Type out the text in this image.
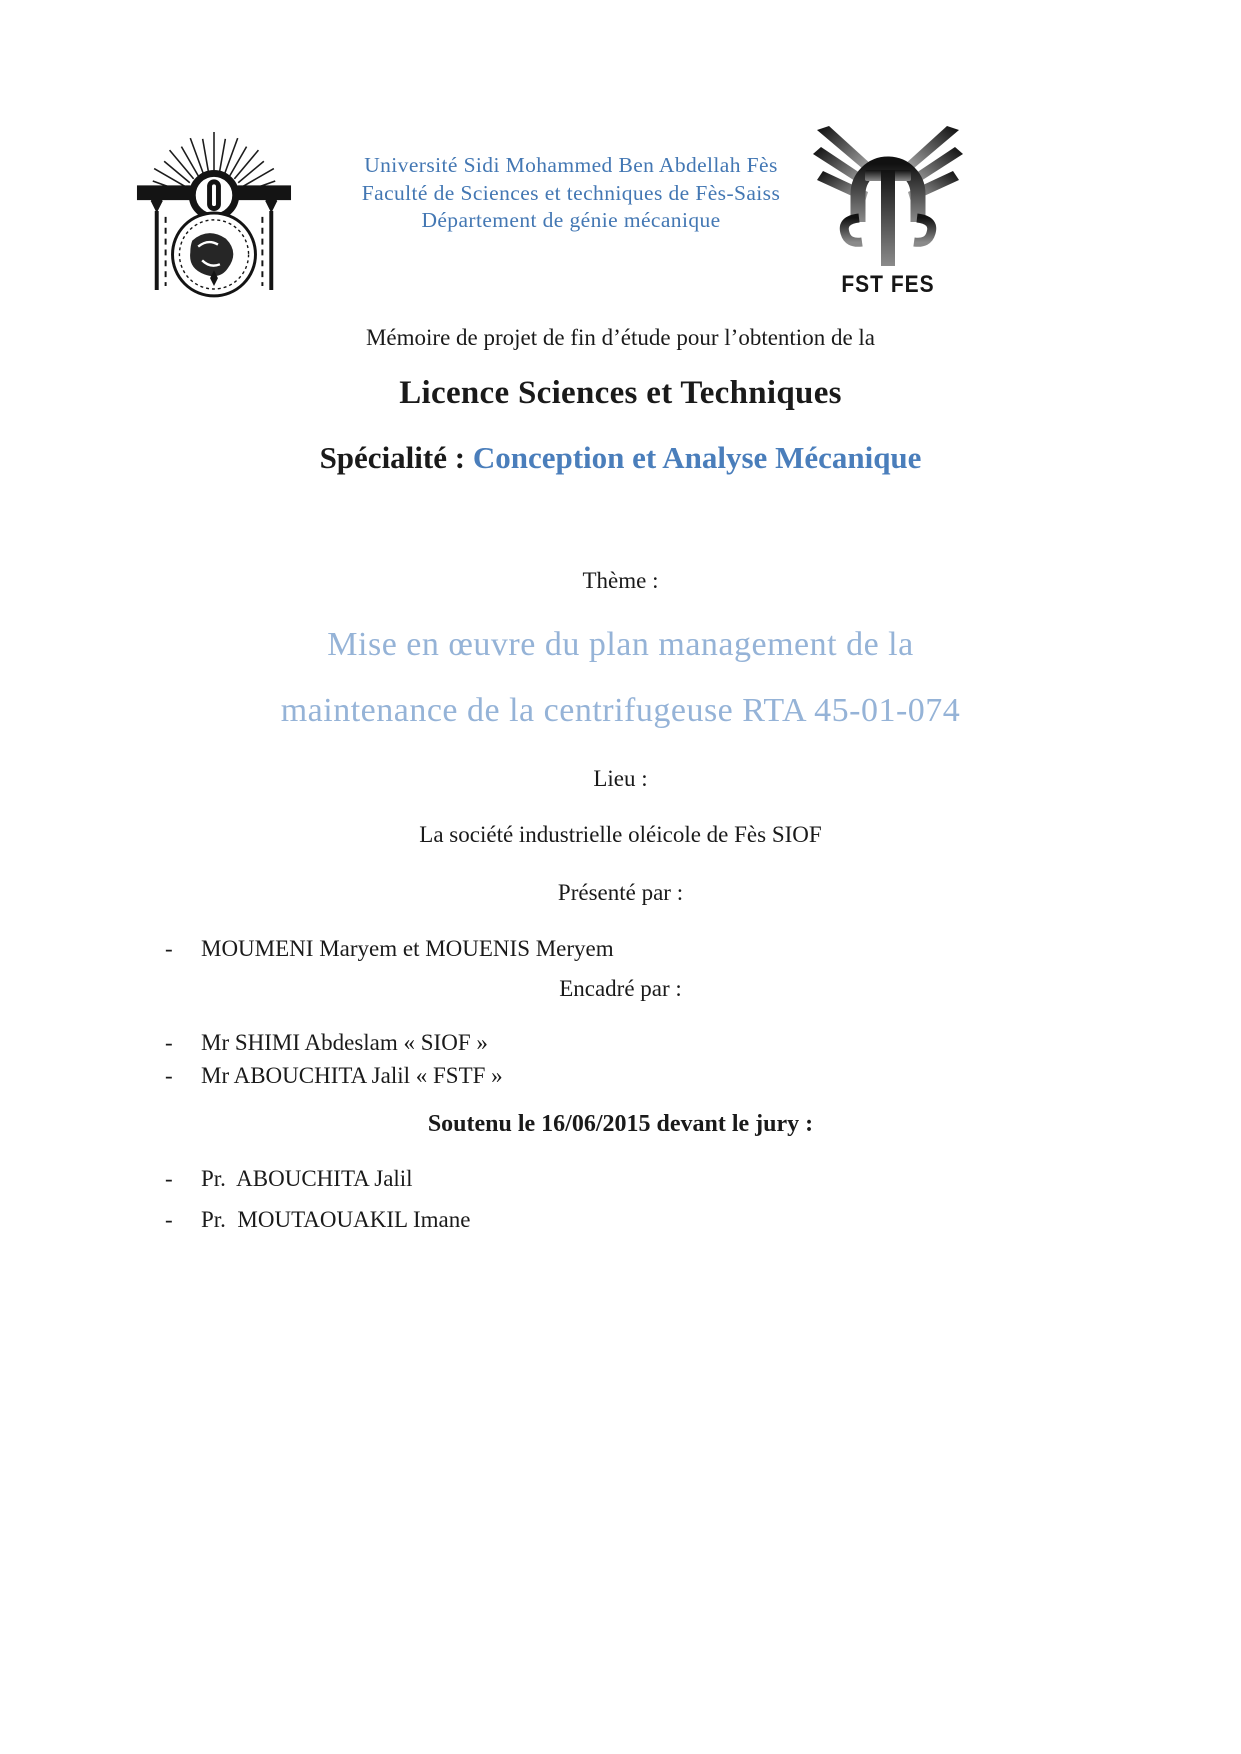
Université Sidi Mohammed Ben Abdellah Fès
Faculté de Sciences et techniques de Fès-Saiss
Département de génie mécanique
FST FES
Mémoire de projet de fin d’étude pour l’obtention de la
Licence Sciences et Techniques
Spécialité : Conception et Analyse Mécanique
Thème :
Mise en œuvre du plan management de la
maintenance de la centrifugeuse RTA 45-01-074
Lieu :
La société industrielle oléicole de Fès SIOF
Présenté par :
-	MOUMENI Maryem et MOUENIS Meryem
Encadré par :
-	Mr SHIMI Abdeslam « SIOF »
-	Mr ABOUCHITA Jalil « FSTF »
Soutenu le 16/06/2015 devant le jury :
-	Pr.  ABOUCHITA Jalil
-	Pr.  MOUTAOUAKIL Imane
